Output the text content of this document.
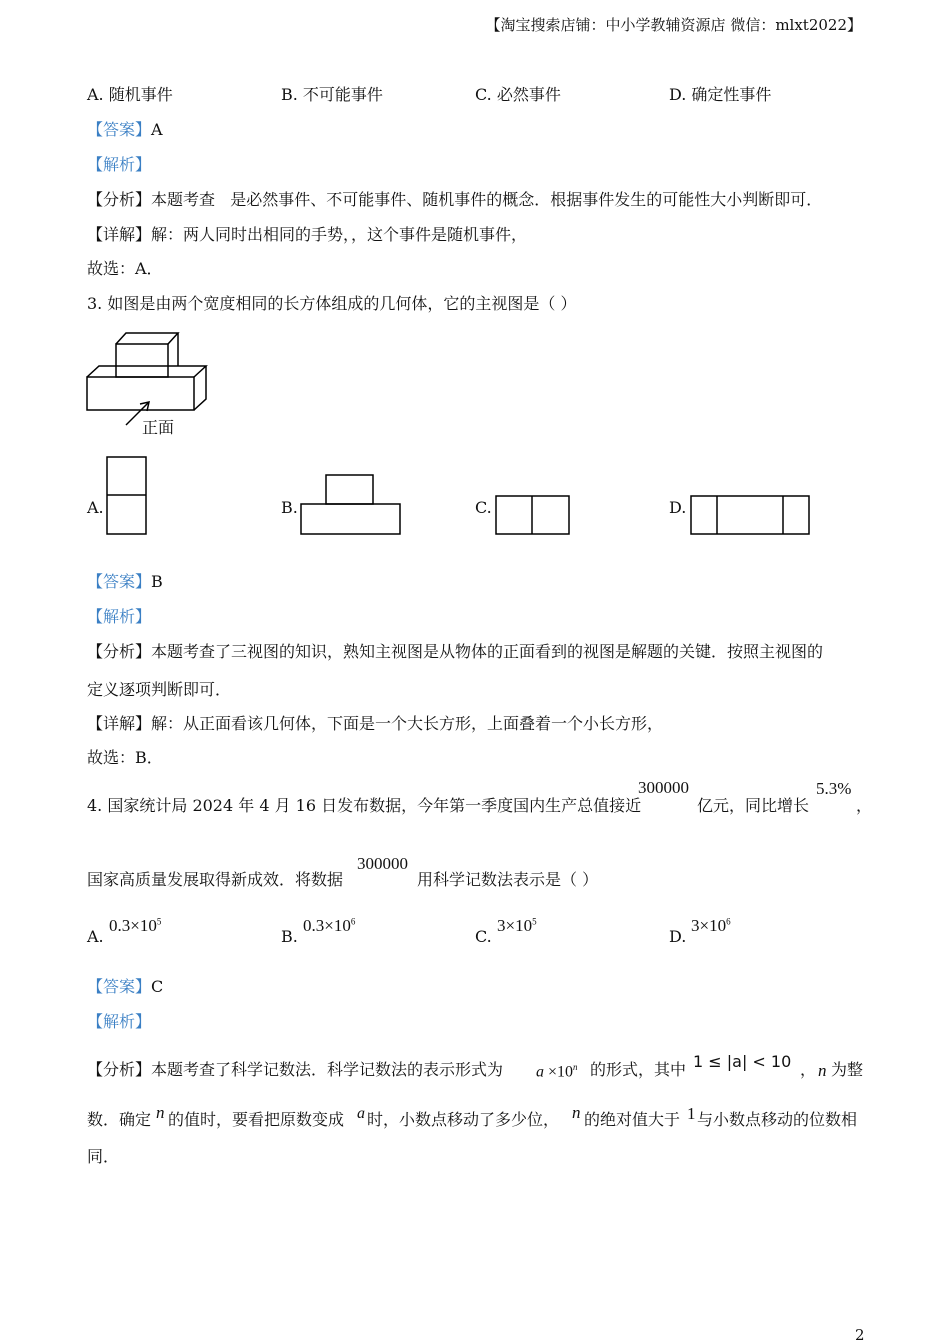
【淘宝搜索店铺：中小学教辅资源店 微信：mlxt2022】
A. 随机事件	B. 不可能事件	C. 必然事件	D. 确定性事件
【答案】A
【解析】
【分析】本题考查   是必然事件、不可能事件、随机事件的概念．根据事件发生的可能性大小判断即可．
【详解】解：两人同时出相同的手势，，这个事件是随机事件，
故选：A．
3. 如图是由两个宽度相同的长方体组成的几何体，它的主视图是（ ）
正面
A.	B.	C.	D.
【答案】B
【解析】
【分析】本题考查了三视图的知识，熟知主视图是从物体的正面看到的视图是解题的关键．按照主视图的
定义逐项判断即可．
【详解】解：从正面看该几何体，下面是一个大长方形，上面叠着一个小长方形，
故选：B．
4. 国家统计局 2024 年 4 月 16 日发布数据，今年第一季度国内生产总值接近
300000
亿元，同比增长
5.3%
，
国家高质量发展取得新成效．将数据
300000
用科学记数法表示是（ ）
A.
$0.3\times 10^5$
B.
$0.3\times 10^6$
C.
$3\times 10^5$
D.
$3\times 10^6$
【答案】C
【解析】
【分析】本题考查了科学记数法．科学记数法的表示形式为 $a \times 10^n$ 的形式，其中 1 ≤ |a| < 10 ， n 为整
数．确定 n 的值时，要看把原数变成 a 时，小数点移动了多少位， n 的绝对值大于 1 与小数点移动的位数相
同．
2
